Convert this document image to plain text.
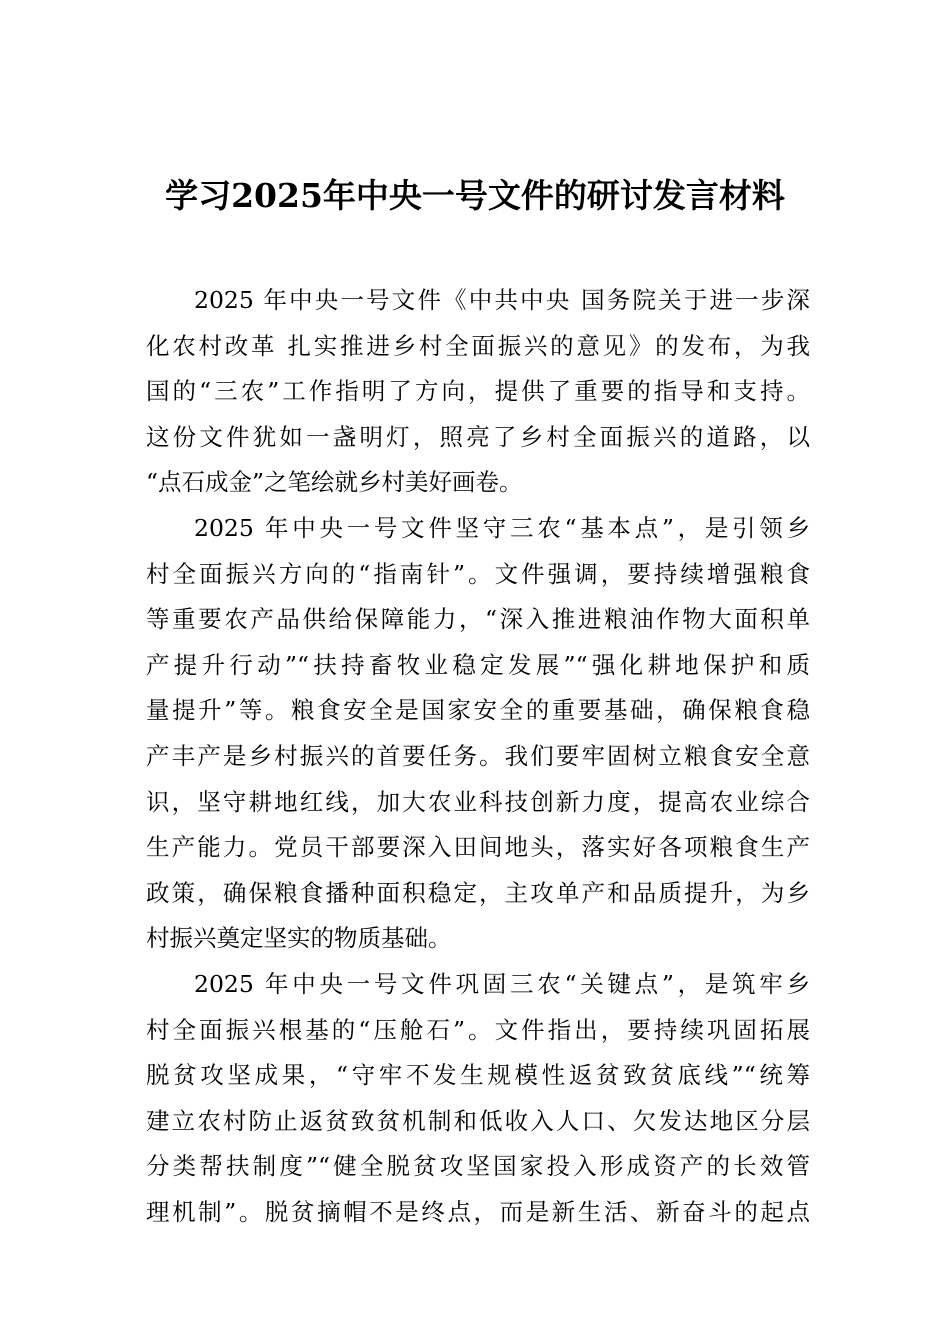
学习2025年中央一号文件的研讨发言材料
2025 年中央一号文件《中共中央 国务院关于进一步深
化农村改革 扎实推进乡村全面振兴的意见》的发布，为我
国的“三农”工作指明了方向，提供了重要的指导和支持。
这份文件犹如一盏明灯，照亮了乡村全面振兴的道路，以
“点石成金”之笔绘就乡村美好画卷。
2025 年中央一号文件坚守三农“基本点”，是引领乡
村全面振兴方向的“指南针”。文件强调，要持续增强粮食
等重要农产品供给保障能力，“深入推进粮油作物大面积单
产提升行动”“扶持畜牧业稳定发展”“强化耕地保护和质
量提升”等。粮食安全是国家安全的重要基础，确保粮食稳
产丰产是乡村振兴的首要任务。我们要牢固树立粮食安全意
识，坚守耕地红线，加大农业科技创新力度，提高农业综合
生产能力。党员干部要深入田间地头，落实好各项粮食生产
政策，确保粮食播种面积稳定，主攻单产和品质提升，为乡
村振兴奠定坚实的物质基础。
2025 年中央一号文件巩固三农“关键点”，是筑牢乡
村全面振兴根基的“压舱石”。文件指出，要持续巩固拓展
脱贫攻坚成果，“守牢不发生规模性返贫致贫底线”“统筹
建立农村防止返贫致贫机制和低收入人口、欠发达地区分层
分类帮扶制度”“健全脱贫攻坚国家投入形成资产的长效管
理机制”。脱贫摘帽不是终点，而是新生活、新奋斗的起点
